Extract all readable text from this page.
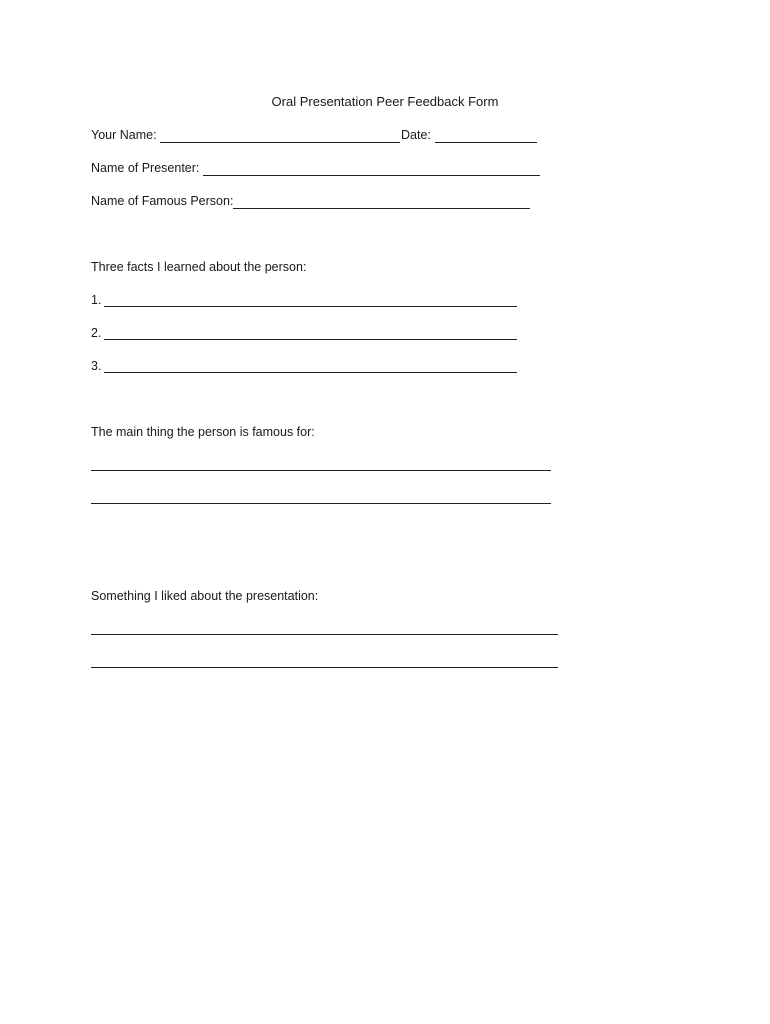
Oral Presentation Peer Feedback Form
Your Name:	Date:
Name of Presenter:
Name of Famous Person:
Three facts I learned about the person:
1.
2.
3.
The main thing the person is famous for:
Something I liked about the presentation:
